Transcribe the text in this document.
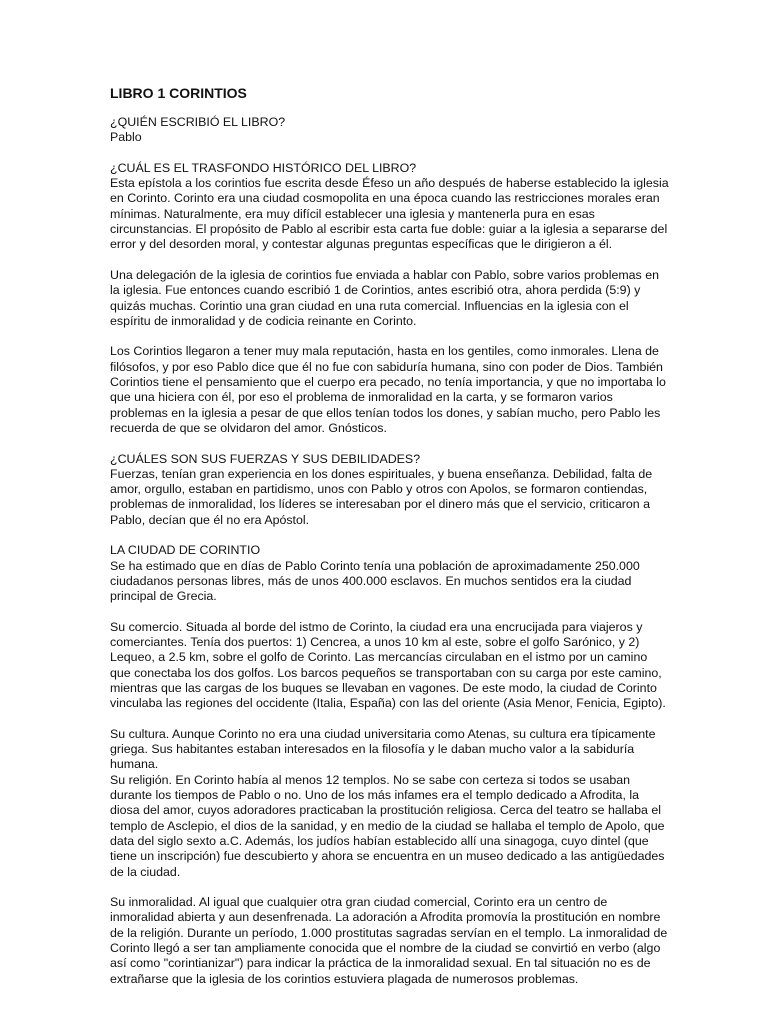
LIBRO 1 CORINTIOS
¿QUIÉN ESCRIBIÓ EL LIBRO?
Pablo
¿CUÁL ES EL TRASFONDO HISTÓRICO DEL LIBRO?
Esta epístola a los corintios fue escrita desde Éfeso un año después de haberse establecido la iglesia en Corinto. Corinto era una ciudad cosmopolita en una época cuando las restricciones morales eran mínimas. Naturalmente, era muy difícil establecer una iglesia y mantenerla pura en esas circunstancias. El propósito de Pablo al escribir esta carta fue doble: guiar a la iglesia a separarse del error y del desorden moral, y contestar algunas preguntas específicas que le dirigieron a él.
Una delegación de la iglesia de corintios fue enviada a hablar con Pablo, sobre varios problemas en la iglesia. Fue entonces cuando escribió 1 de Corintios, antes escribió otra, ahora perdida (5:9) y quizás muchas. Corintio una gran ciudad en una ruta comercial. Influencias en la iglesia con el espíritu de inmoralidad y de codicia reinante en Corinto.
Los Corintios llegaron a tener muy mala reputación, hasta en los gentiles, como inmorales. Llena de filósofos, y por eso Pablo dice que él no fue con sabiduría humana, sino con poder de Dios. También Corintios tiene el pensamiento que el cuerpo era pecado, no tenía importancia, y que no importaba lo que una hiciera con él, por eso el problema de inmoralidad en la carta, y se formaron varios problemas en la iglesia a pesar de que ellos tenían todos los dones, y sabían mucho, pero Pablo les recuerda de que se olvidaron del amor. Gnósticos.
¿CUÁLES SON SUS FUERZAS Y SUS DEBILIDADES?
Fuerzas, tenían gran experiencia en los dones espirituales, y buena enseñanza. Debilidad, falta de amor, orgullo, estaban en partidismo, unos con Pablo y otros con Apolos, se formaron contiendas, problemas de inmoralidad, los líderes se interesaban por el dinero más que el servicio, criticaron a Pablo, decían que él no era Apóstol.
LA CIUDAD DE CORINTIO
Se ha estimado que en días de Pablo Corinto tenía una población de aproximadamente 250.000 ciudadanos personas libres, más de unos 400.000 esclavos. En muchos sentidos era la ciudad principal de Grecia.
Su comercio. Situada al borde del istmo de Corinto, la ciudad era una encrucijada para viajeros y comerciantes. Tenía dos puertos: 1) Cencrea, a unos 10 km al este, sobre el golfo Sarónico, y 2) Lequeo, a 2.5 km, sobre el golfo de Corinto. Las mercancías circulaban en el istmo por un camino que conectaba los dos golfos. Los barcos pequeños se transportaban con su carga por este camino, mientras que las cargas de los buques se llevaban en vagones. De este modo, la ciudad de Corinto vinculaba las regiones del occidente (Italia, España) con las del oriente (Asia Menor, Fenicia, Egipto).
Su cultura. Aunque Corinto no era una ciudad universitaria como Atenas, su cultura era típicamente griega. Sus habitantes estaban interesados en la filosofía y le daban mucho valor a la sabiduría humana.
Su religión. En Corinto había al menos 12 templos. No se sabe con certeza si todos se usaban durante los tiempos de Pablo o no. Uno de los más infames era el templo dedicado a Afrodita, la diosa del amor, cuyos adoradores practicaban la prostitución religiosa. Cerca del teatro se hallaba el templo de Asclepio, el dios de la sanidad, y en medio de la ciudad se hallaba el templo de Apolo, que data del siglo sexto a.C. Además, los judíos habían establecido allí una sinagoga, cuyo dintel (que tiene un inscripción) fue descubierto y ahora se encuentra en un museo dedicado a las antigüedades de la ciudad.
Su inmoralidad. Al igual que cualquier otra gran ciudad comercial, Corinto era un centro de inmoralidad abierta y aun desenfrenada. La adoración a Afrodita promovía la prostitución en nombre de la religión. Durante un período, 1.000 prostitutas sagradas servían en el templo. La inmoralidad de Corinto llegó a ser tan ampliamente conocida que el nombre de la ciudad se convirtió en verbo (algo así como "corintianizar") para indicar la práctica de la inmoralidad sexual. En tal situación no es de extrañarse que la iglesia de los corintios estuviera plagada de numerosos problemas.
